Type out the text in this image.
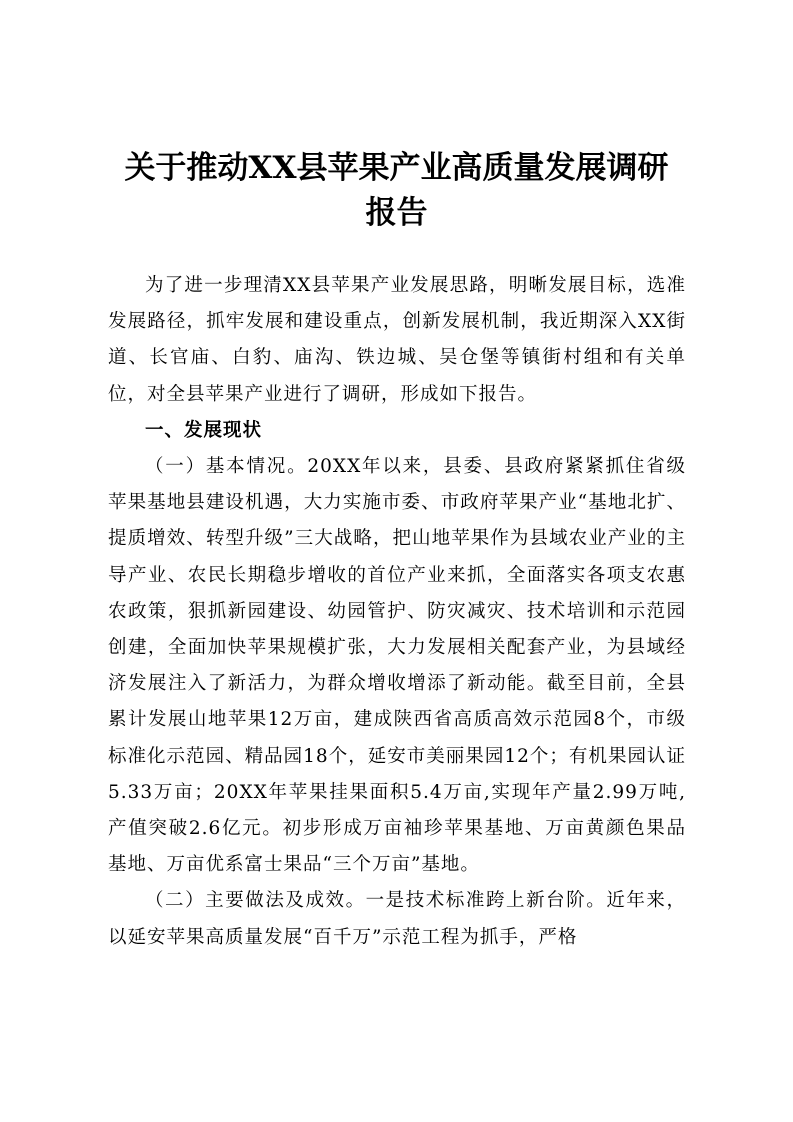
关于推动XX县苹果产业高质量发展调研
报告

为了进一步理清XX县苹果产业发展思路，明晰发展目标，选准发展路径，抓牢发展和建设重点，创新发展机制，我近期深入XX街道、长官庙、白豹、庙沟、铁边城、吴仓堡等镇街村组和有关单位，对全县苹果产业进行了调研，形成如下报告。

一、发展现状

（一）基本情况。20XX年以来，县委、县政府紧紧抓住省级苹果基地县建设机遇，大力实施市委、市政府苹果产业“基地北扩、提质增效、转型升级”三大战略，把山地苹果作为县域农业产业的主导产业、农民长期稳步增收的首位产业来抓，全面落实各项支农惠农政策，狠抓新园建设、幼园管护、防灾减灾、技术培训和示范园创建，全面加快苹果规模扩张，大力发展相关配套产业，为县域经济发展注入了新活力，为群众增收增添了新动能。截至目前，全县累计发展山地苹果12万亩，建成陕西省高质高效示范园8个，市级标准化示范园、精品园18个，延安市美丽果园12个；有机果园认证5.33万亩；20XX年苹果挂果面积5.4万亩,实现年产量2.99万吨,产值突破2.6亿元。初步形成万亩袖珍苹果基地、万亩黄颜色果品基地、万亩优系富士果品“三个万亩”基地。

（二）主要做法及成效。一是技术标准跨上新台阶。近年来，以延安苹果高质量发展“百千万”示范工程为抓手，严格
